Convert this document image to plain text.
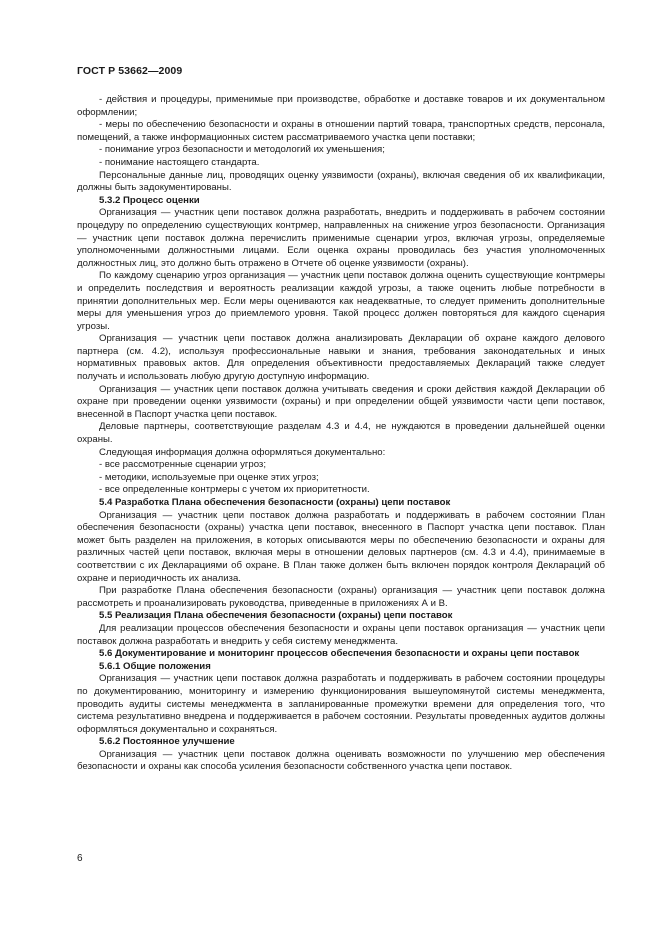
ГОСТ Р 53662—2009
- действия и процедуры, применимые при производстве, обработке и доставке товаров и их документальном оформлении;
- меры по обеспечению безопасности и охраны в отношении партий товара, транспортных средств, персонала, помещений, а также информационных систем рассматриваемого участка цепи поставки;
- понимание угроз безопасности и методологий их уменьшения;
- понимание настоящего стандарта.
Персональные данные лиц, проводящих оценку уязвимости (охраны), включая сведения об их квалификации, должны быть задокументированы.
5.3.2 Процесс оценки
Организация — участник цепи поставок должна разработать, внедрить и поддерживать в рабочем состоянии процедуру по определению существующих контрмер, направленных на снижение угроз безопасности. Организация — участник цепи поставок должна перечислить применимые сценарии угроз, включая угрозы, определяемые уполномоченными должностными лицами. Если оценка охраны проводилась без участия уполномоченных должностных лиц, это должно быть отражено в Отчете об оценке уязвимости (охраны).
По каждому сценарию угроз организация — участник цепи поставок должна оценить существующие контрмеры и определить последствия и вероятность реализации каждой угрозы, а также оценить любые потребности в принятии дополнительных мер. Если меры оцениваются как неадекватные, то следует применить дополнительные меры для уменьшения угроз до приемлемого уровня. Такой процесс должен повторяться для каждого сценария угрозы.
Организация — участник цепи поставок должна анализировать Декларации об охране каждого делового партнера (см. 4.2), используя профессиональные навыки и знания, требования законодательных и иных нормативных правовых актов. Для определения объективности предоставляемых Деклараций также следует получать и использовать любую другую доступную информацию.
Организация — участник цепи поставок должна учитывать сведения и сроки действия каждой Декларации об охране при проведении оценки уязвимости (охраны) и при определении общей уязвимости части цепи поставок, внесенной в Паспорт участка цепи поставок.
Деловые партнеры, соответствующие разделам 4.3 и 4.4, не нуждаются в проведении дальнейшей оценки охраны.
Следующая информация должна оформляться документально:
- все рассмотренные сценарии угроз;
- методики, используемые при оценке этих угроз;
- все определенные контрмеры с учетом их приоритетности.
5.4 Разработка Плана обеспечения безопасности (охраны) цепи поставок
Организация — участник цепи поставок должна разработать и поддерживать в рабочем состоянии План обеспечения безопасности (охраны) участка цепи поставок, внесенного в Паспорт участка цепи поставок. План может быть разделен на приложения, в которых описываются меры по обеспечению безопасности и охраны для различных частей цепи поставок, включая меры в отношении деловых партнеров (см. 4.3 и 4.4), принимаемые в соответствии с их Декларациями об охране. В План также должен быть включен порядок контроля Деклараций об охране и периодичность их анализа.
При разработке Плана обеспечения безопасности (охраны) организация — участник цепи поставок должна рассмотреть и проанализировать руководства, приведенные в приложениях А и В.
5.5 Реализация Плана обеспечения безопасности (охраны) цепи поставок
Для реализации процессов обеспечения безопасности и охраны цепи поставок организация — участник цепи поставок должна разработать и внедрить у себя систему менеджмента.
5.6 Документирование и мониторинг процессов обеспечения безопасности и охраны цепи поставок
5.6.1 Общие положения
Организация — участник цепи поставок должна разработать и поддерживать в рабочем состоянии процедуры по документированию, мониторингу и измерению функционирования вышеупомянутой системы менеджмента, проводить аудиты системы менеджмента в запланированные промежутки времени для определения того, что система результативно внедрена и поддерживается в рабочем состоянии. Результаты проведенных аудитов должны оформляться документально и сохраняться.
5.6.2 Постоянное улучшение
Организация — участник цепи поставок должна оценивать возможности по улучшению мер обеспечения безопасности и охраны как способа усиления безопасности собственного участка цепи поставок.
6
